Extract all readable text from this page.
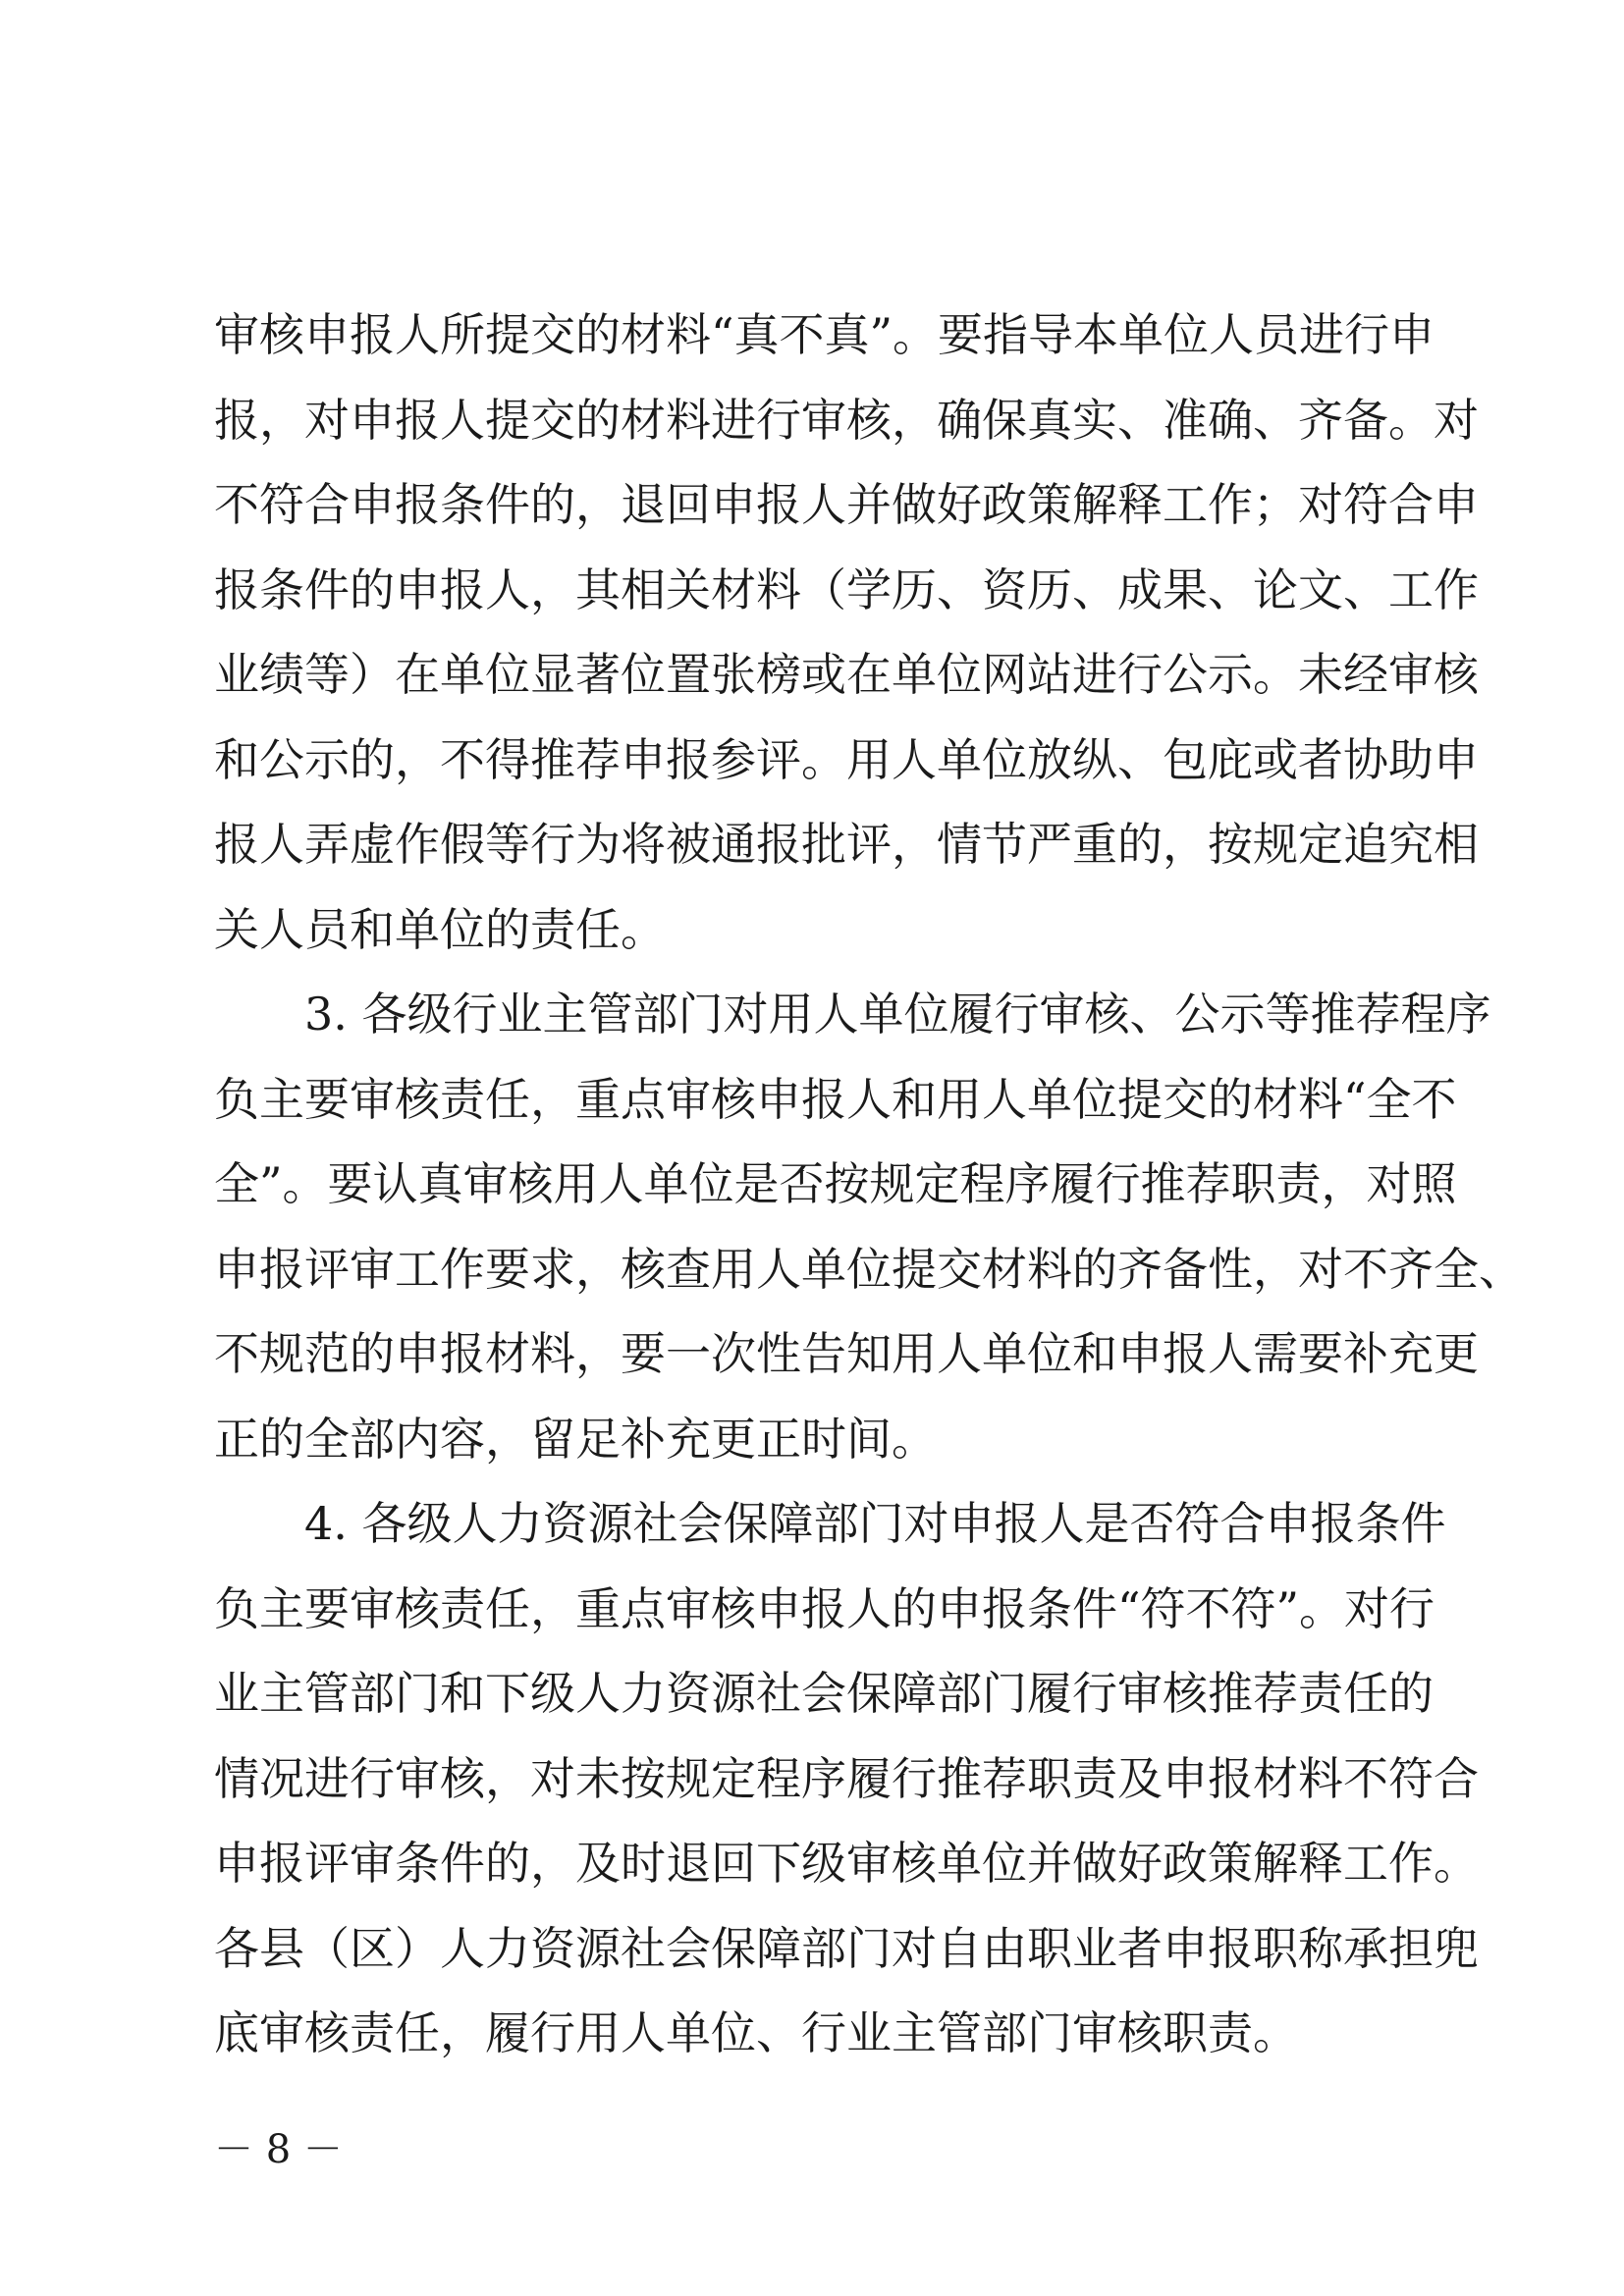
审核申报人所提交的材料“真不真”。要指导本单位人员进行申
报，对申报人提交的材料进行审核，确保真实、准确、齐备。对
不符合申报条件的，退回申报人并做好政策解释工作；对符合申
报条件的申报人，其相关材料（学历、资历、成果、论文、工作
业绩等）在单位显著位置张榜或在单位网站进行公示。未经审核
和公示的，不得推荐申报参评。用人单位放纵、包庇或者协助申
报人弄虚作假等行为将被通报批评，情节严重的，按规定追究相
关人员和单位的责任。
3. 各级行业主管部门对用人单位履行审核、公示等推荐程序
负主要审核责任，重点审核申报人和用人单位提交的材料“全不
全”。要认真审核用人单位是否按规定程序履行推荐职责，对照
申报评审工作要求，核查用人单位提交材料的齐备性，对不齐全、
不规范的申报材料，要一次性告知用人单位和申报人需要补充更
正的全部内容，留足补充更正时间。
4. 各级人力资源社会保障部门对申报人是否符合申报条件
负主要审核责任，重点审核申报人的申报条件“符不符”。对行
业主管部门和下级人力资源社会保障部门履行审核推荐责任的
情况进行审核，对未按规定程序履行推荐职责及申报材料不符合
申报评审条件的，及时退回下级审核单位并做好政策解释工作。
各县（区）人力资源社会保障部门对自由职业者申报职称承担兜
底审核责任，履行用人单位、行业主管部门审核职责。
－ 8 －
